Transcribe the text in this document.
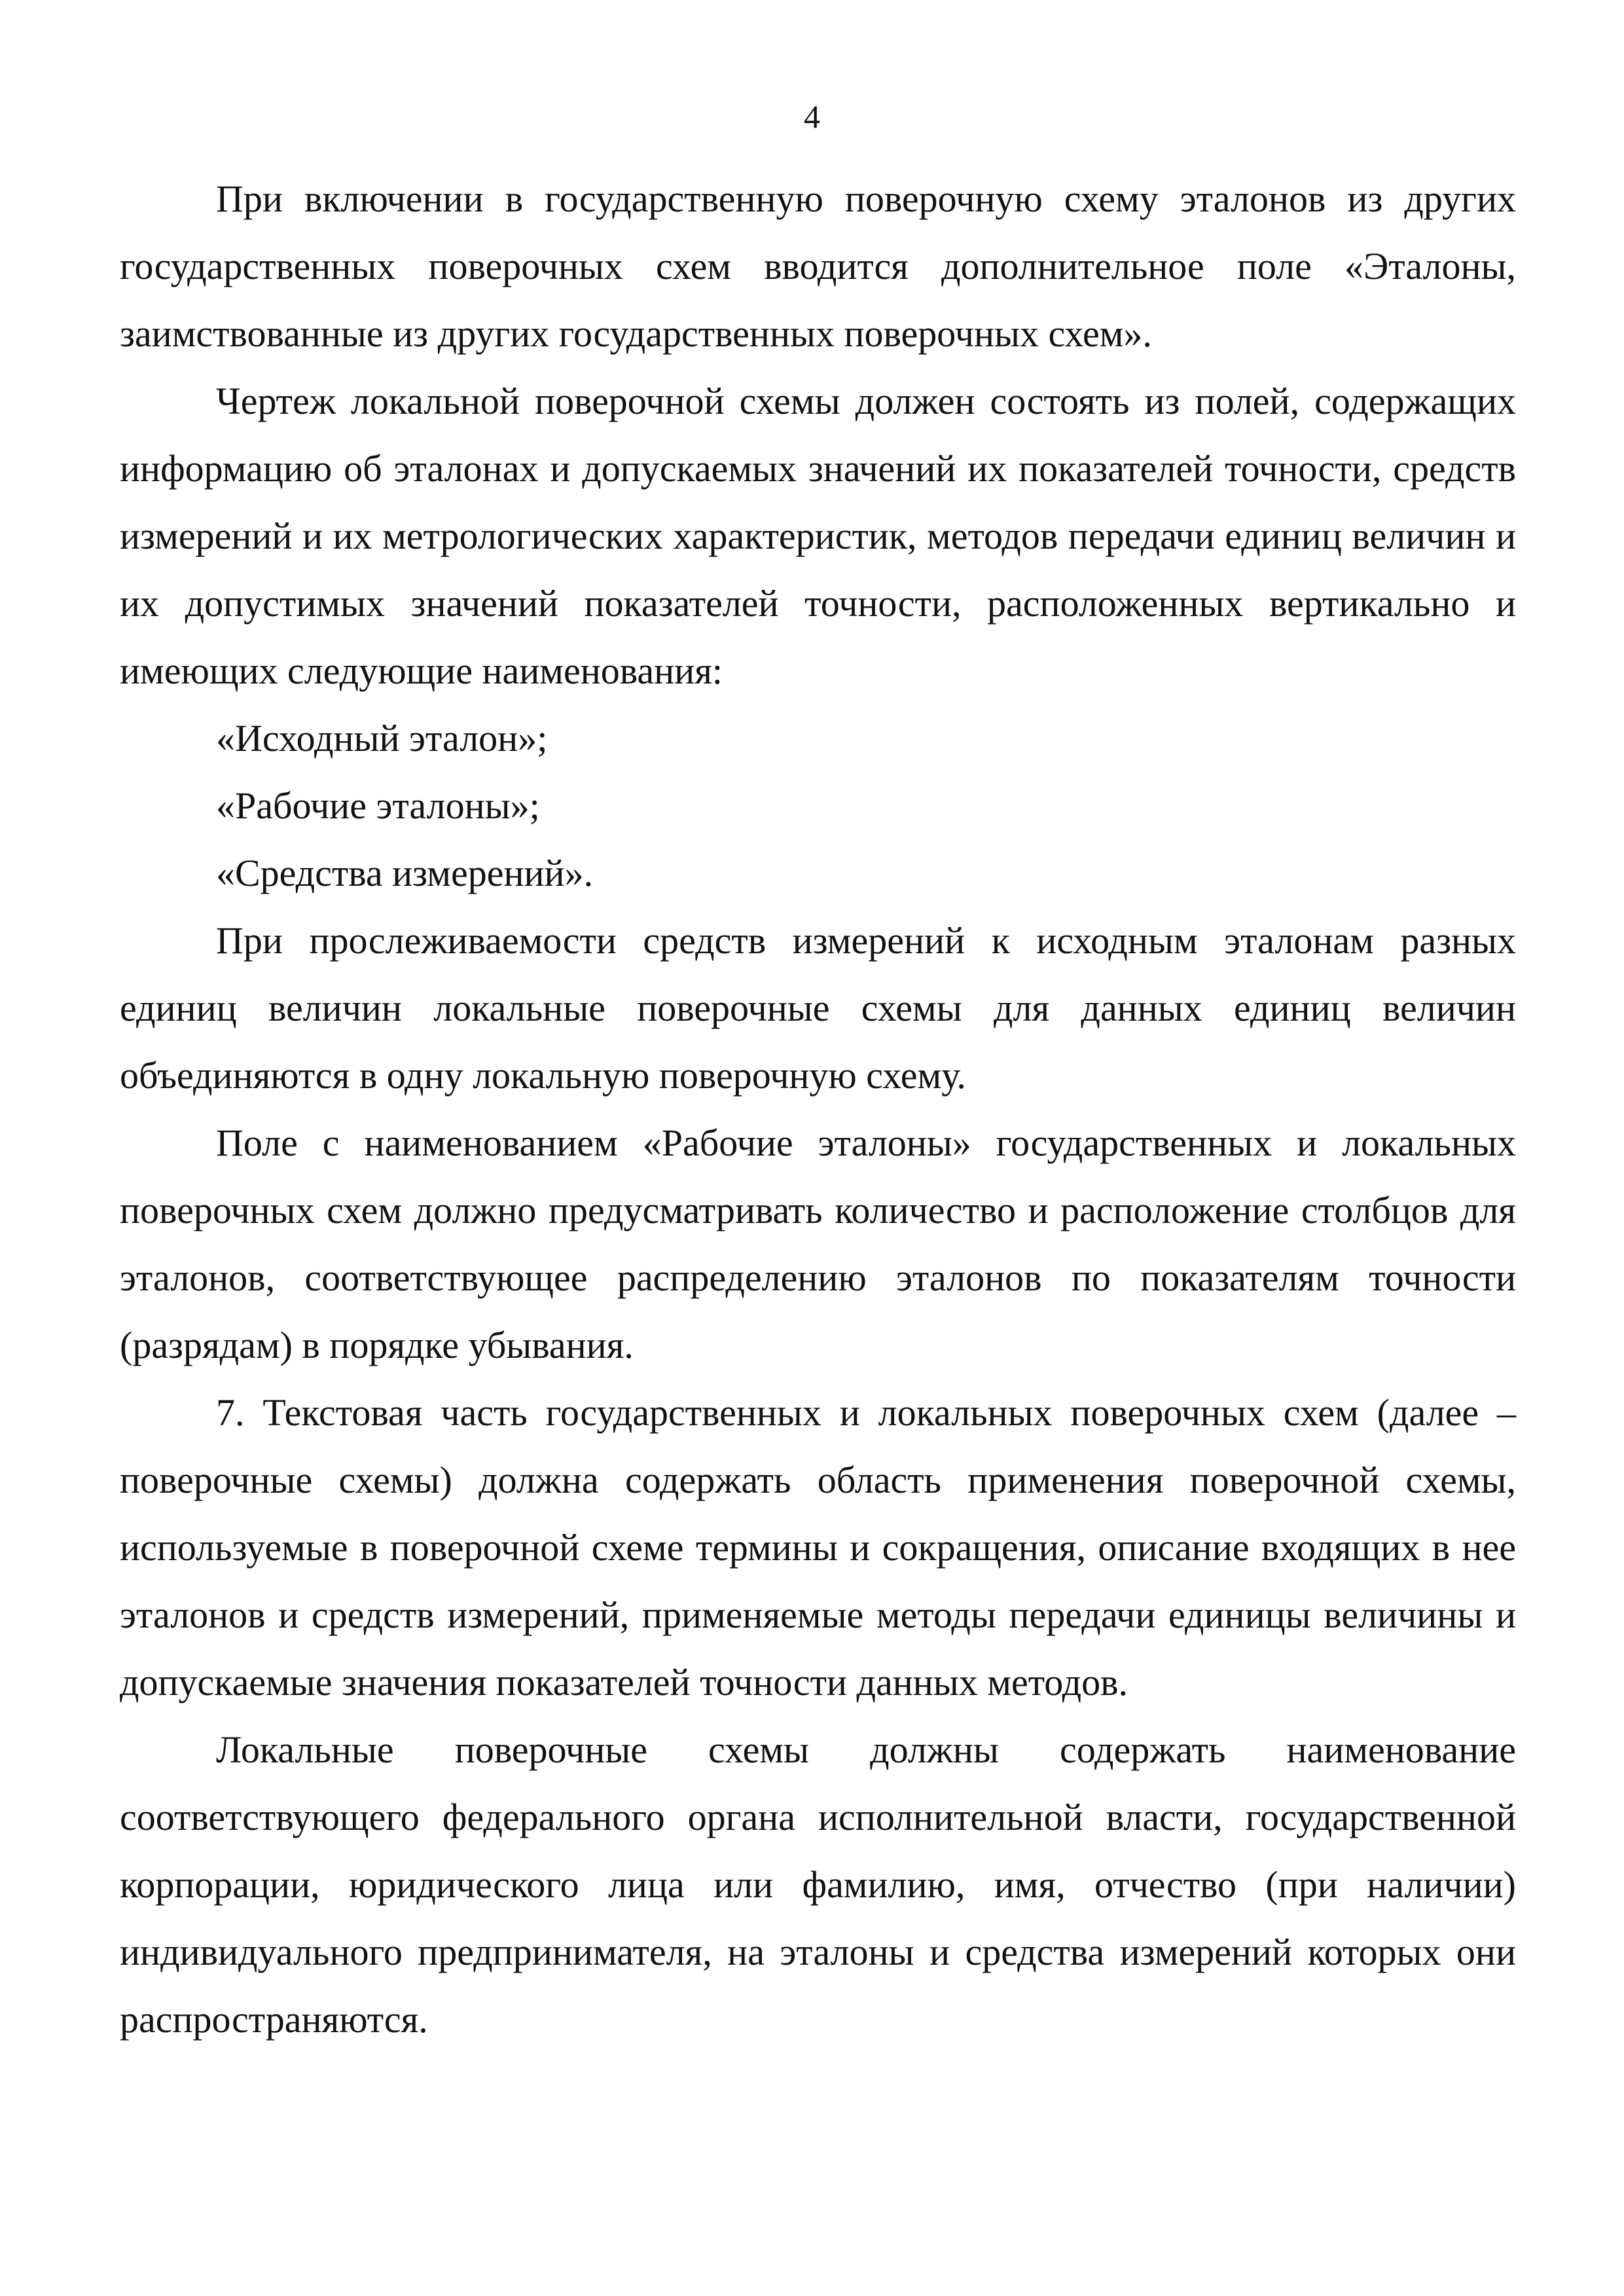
4

При включении в государственную поверочную схему эталонов из других государственных поверочных схем вводится дополнительное поле «Эталоны, заимствованные из других государственных поверочных схем».

Чертеж локальной поверочной схемы должен состоять из полей, содержащих информацию об эталонах и допускаемых значений их показателей точности, средств измерений и их метрологических характеристик, методов передачи единиц величин и их допустимых значений показателей точности, расположенных вертикально и имеющих следующие наименования:

«Исходный эталон»;

«Рабочие эталоны»;

«Средства измерений».

При прослеживаемости средств измерений к исходным эталонам разных единиц величин локальные поверочные схемы для данных единиц величин объединяются в одну локальную поверочную схему.

Поле с наименованием «Рабочие эталоны» государственных и локальных поверочных схем должно предусматривать количество и расположение столбцов для эталонов, соответствующее распределению эталонов по показателям точности (разрядам) в порядке убывания.

7. Текстовая часть государственных и локальных поверочных схем (далее – поверочные схемы) должна содержать область применения поверочной схемы, используемые в поверочной схеме термины и сокращения, описание входящих в нее эталонов и средств измерений, применяемые методы передачи единицы величины и допускаемые значения показателей точности данных методов.

Локальные поверочные схемы должны содержать наименование соответствующего федерального органа исполнительной власти, государственной корпорации, юридического лица или фамилию, имя, отчество (при наличии) индивидуального предпринимателя, на эталоны и средства измерений которых они распространяются.
